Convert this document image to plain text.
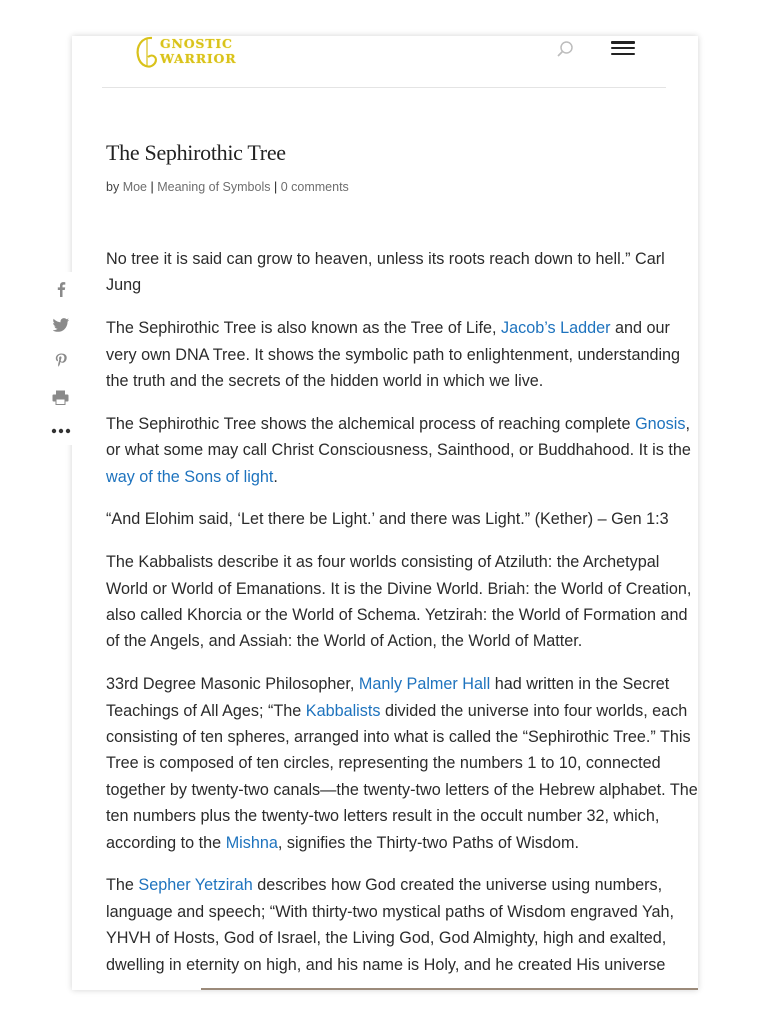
GNOSTIC
WARRIOR
The Sephirothic Tree
by Moe | Meaning of Symbols | 0 comments

No tree it is said can grow to heaven, unless its roots reach down to hell.” Carl Jung

The Sephirothic Tree is also known as the Tree of Life, Jacob’s Ladder and our very own DNA Tree. It shows the symbolic path to enlightenment, understanding the truth and the secrets of the hidden world in which we live.

The Sephirothic Tree shows the alchemical process of reaching complete Gnosis, or what some may call Christ Consciousness, Sainthood, or Buddhahood. It is the way of the Sons of light.

“And Elohim said, ‘Let there be Light.’ and there was Light.” (Kether) – Gen 1:3

The Kabbalists describe it as four worlds consisting of Atziluth: the Archetypal World or World of Emanations. It is the Divine World. Briah: the World of Creation, also called Khorcia or the World of Schema. Yetzirah: the World of Formation and of the Angels, and Assiah: the World of Action, the World of Matter.

33rd Degree Masonic Philosopher, Manly Palmer Hall had written in the Secret Teachings of All Ages; “The Kabbalists divided the universe into four worlds, each consisting of ten spheres, arranged into what is called the “Sephirothic Tree.” This Tree is composed of ten circles, representing the numbers 1 to 10, connected together by twenty-two canals—the twenty-two letters of the Hebrew alphabet. The ten numbers plus the twenty-two letters result in the occult number 32, which, according to the Mishna, signifies the Thirty-two Paths of Wisdom.

The Sepher Yetzirah describes how God created the universe using numbers, language and speech; “With thirty-two mystical paths of Wisdom engraved Yah, YHVH of Hosts, God of Israel, the Living God, God Almighty, high and exalted, dwelling in eternity on high, and his name is Holy, and he created His universe
